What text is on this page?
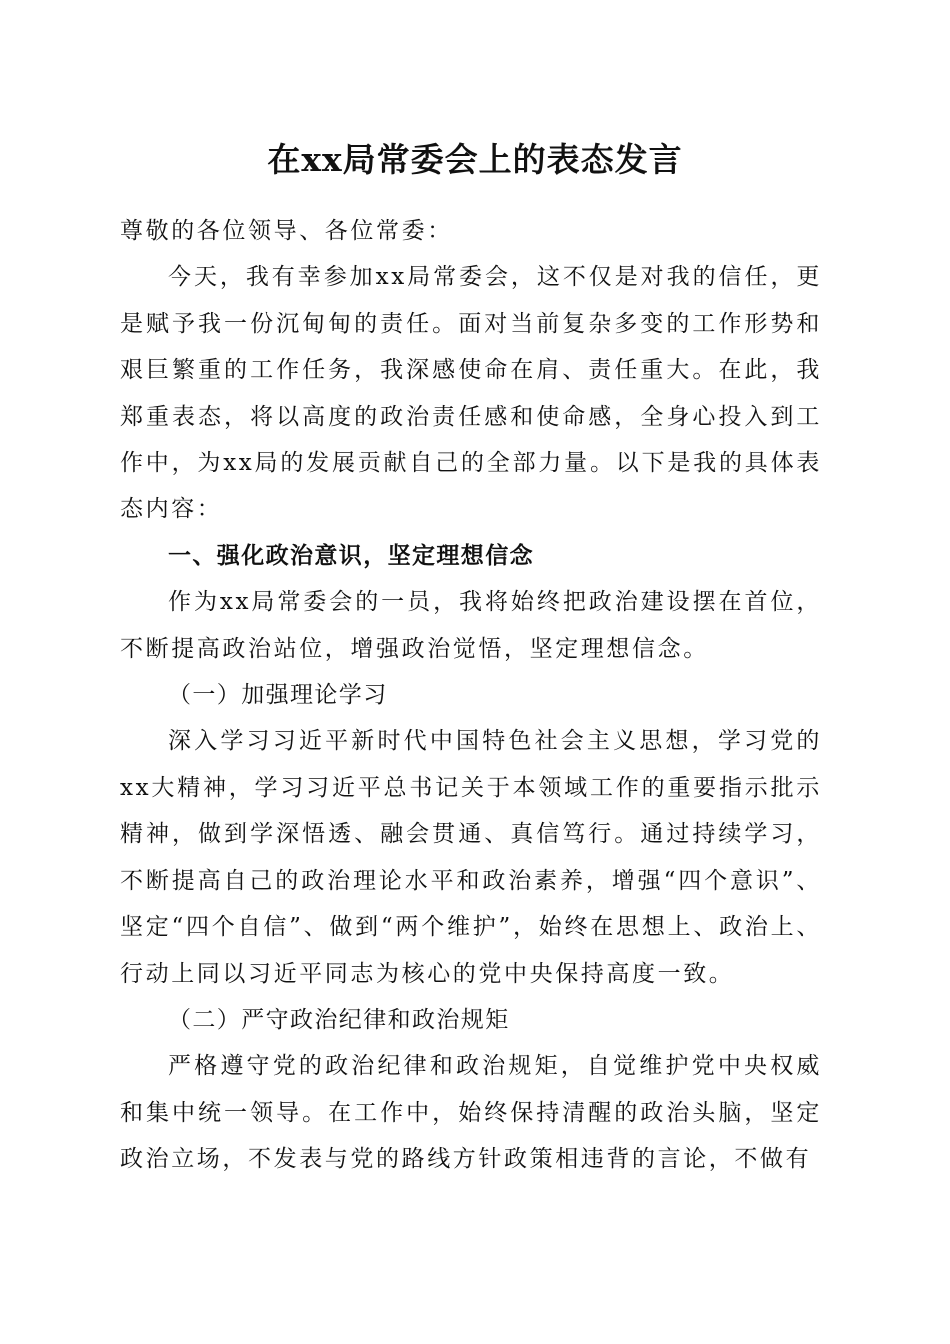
在xx局常委会上的表态发言

尊敬的各位领导、各位常委：

今天，我有幸参加xx局常委会，这不仅是对我的信任，更是赋予我一份沉甸甸的责任。面对当前复杂多变的工作形势和艰巨繁重的工作任务，我深感使命在肩、责任重大。在此，我郑重表态，将以高度的政治责任感和使命感，全身心投入到工作中，为xx局的发展贡献自己的全部力量。以下是我的具体表态内容：

一、强化政治意识，坚定理想信念

作为xx局常委会的一员，我将始终把政治建设摆在首位，不断提高政治站位，增强政治觉悟，坚定理想信念。

（一）加强理论学习

深入学习习近平新时代中国特色社会主义思想，学习党的xx大精神，学习习近平总书记关于本领域工作的重要指示批示精神，做到学深悟透、融会贯通、真信笃行。通过持续学习，不断提高自己的政治理论水平和政治素养，增强“四个意识”、坚定“四个自信”、做到“两个维护”，始终在思想上、政治上、行动上同以习近平同志为核心的党中央保持高度一致。

（二）严守政治纪律和政治规矩

严格遵守党的政治纪律和政治规矩，自觉维护党中央权威和集中统一领导。在工作中，始终保持清醒的政治头脑，坚定政治立场，不发表与党的路线方针政策相违背的言论，不做有
